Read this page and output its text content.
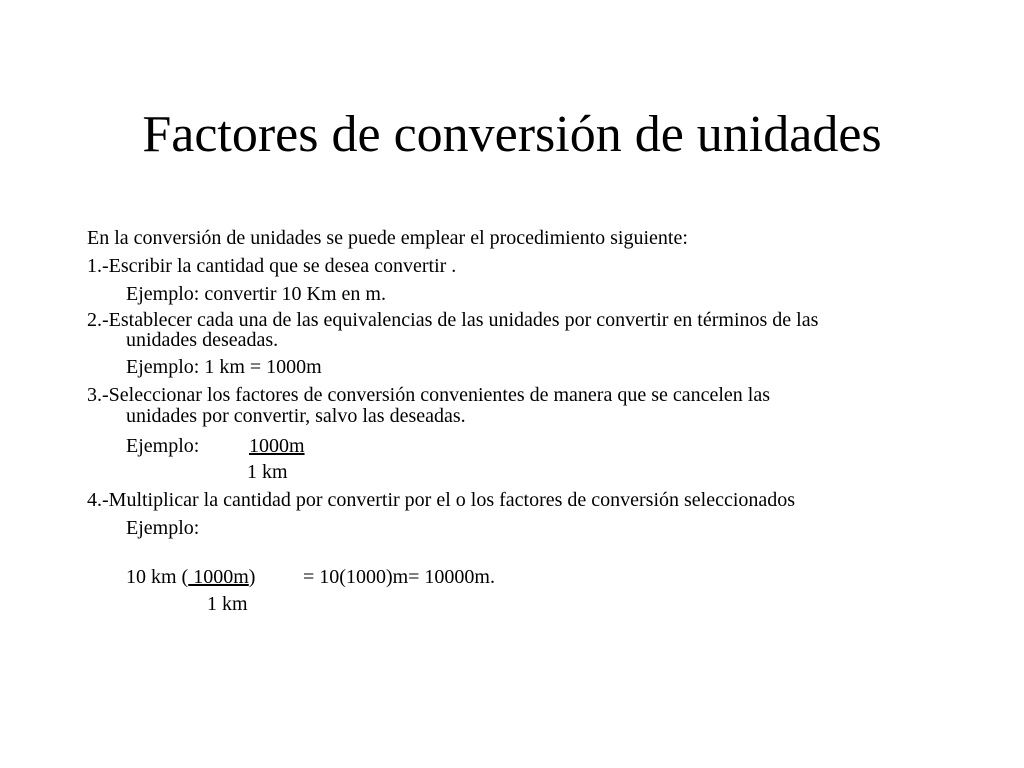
Factores de conversión de unidades
En la conversión de unidades se puede emplear el procedimiento siguiente:
1.-Escribir la cantidad que se desea convertir .
Ejemplo: convertir 10 Km en m.
2.-Establecer cada una de las equivalencias de las unidades por convertir en términos de las
unidades deseadas.
Ejemplo: 1 km = 1000m
3.-Seleccionar los factores de conversión convenientes de manera que se cancelen las
unidades por convertir, salvo las deseadas.
Ejemplo: 1000m
1 km
4.-Multiplicar la cantidad por convertir por el o los factores de conversión seleccionados
Ejemplo:
10 km ( 1000m) = 10(1000)m= 10000m.
1 km
